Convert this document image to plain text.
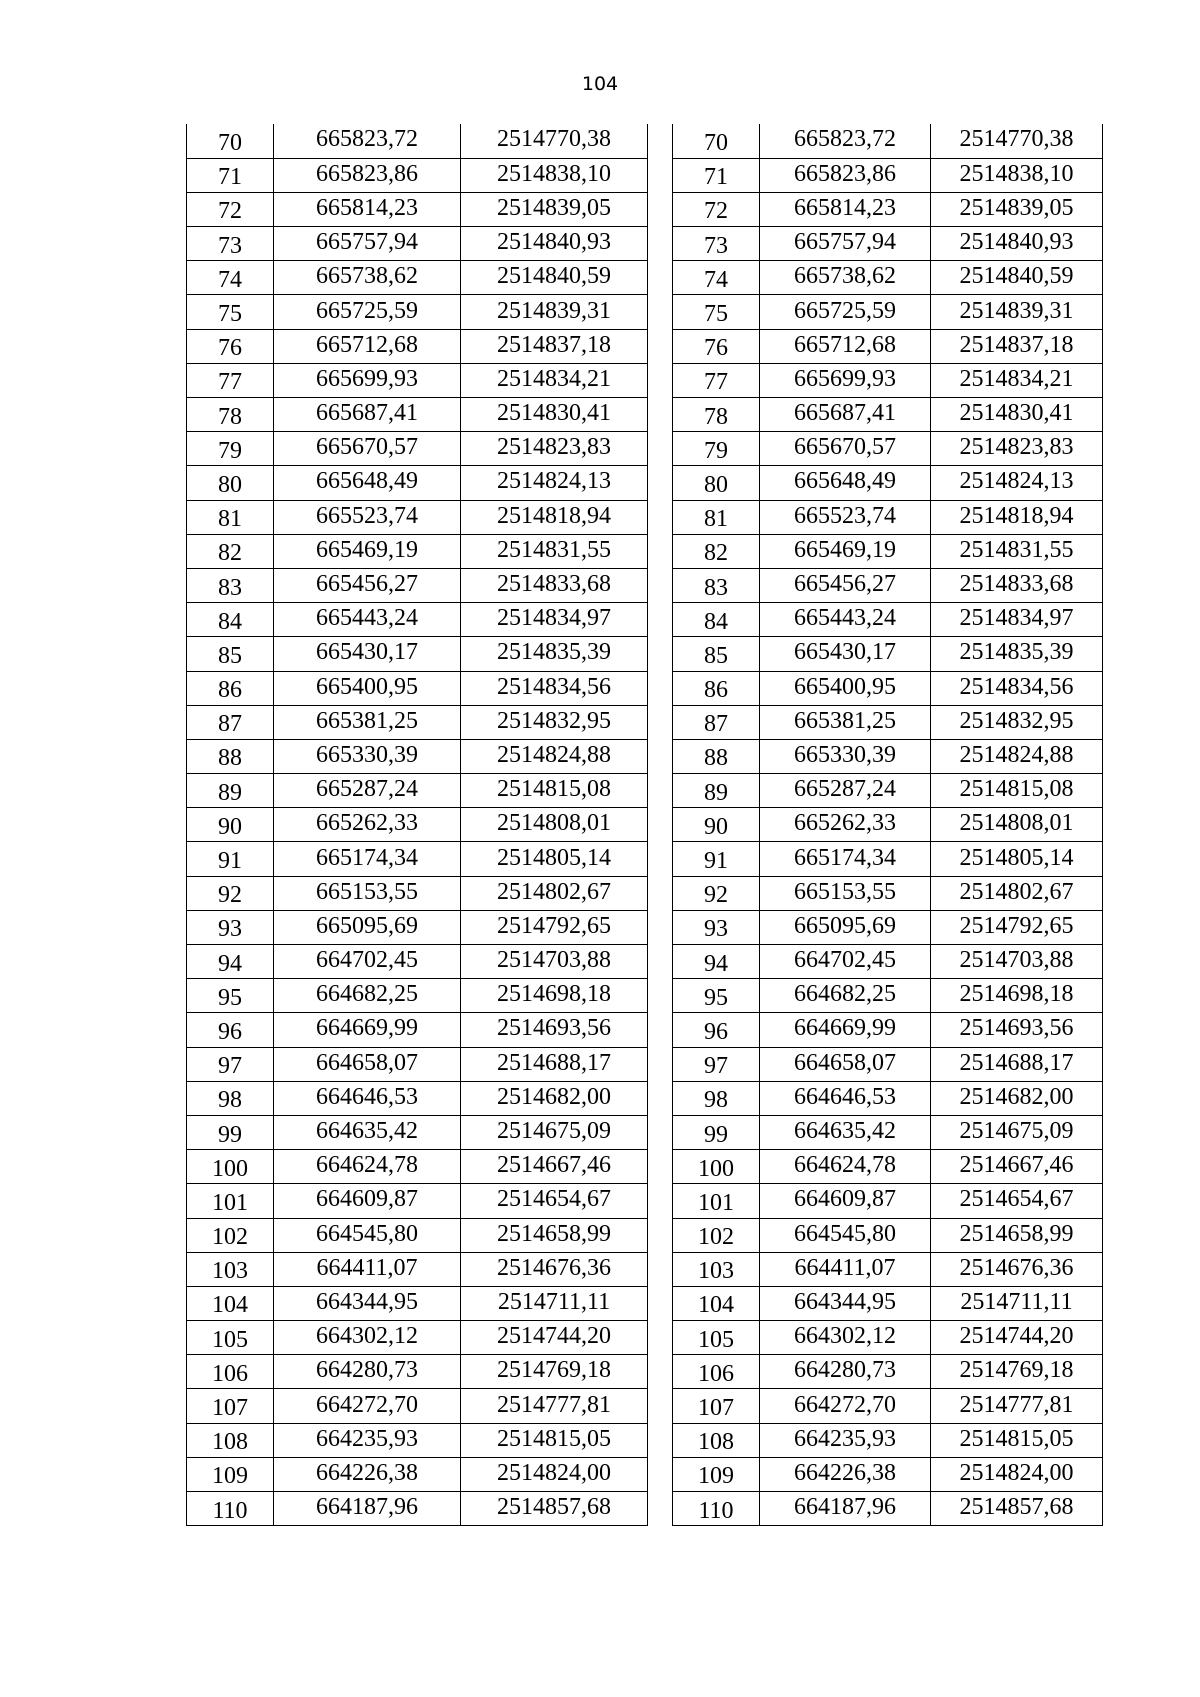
104
70	665823,72	2514770,38
71	665823,86	2514838,10
72	665814,23	2514839,05
73	665757,94	2514840,93
74	665738,62	2514840,59
75	665725,59	2514839,31
76	665712,68	2514837,18
77	665699,93	2514834,21
78	665687,41	2514830,41
79	665670,57	2514823,83
80	665648,49	2514824,13
81	665523,74	2514818,94
82	665469,19	2514831,55
83	665456,27	2514833,68
84	665443,24	2514834,97
85	665430,17	2514835,39
86	665400,95	2514834,56
87	665381,25	2514832,95
88	665330,39	2514824,88
89	665287,24	2514815,08
90	665262,33	2514808,01
91	665174,34	2514805,14
92	665153,55	2514802,67
93	665095,69	2514792,65
94	664702,45	2514703,88
95	664682,25	2514698,18
96	664669,99	2514693,56
97	664658,07	2514688,17
98	664646,53	2514682,00
99	664635,42	2514675,09
100	664624,78	2514667,46
101	664609,87	2514654,67
102	664545,80	2514658,99
103	664411,07	2514676,36
104	664344,95	2514711,11
105	664302,12	2514744,20
106	664280,73	2514769,18
107	664272,70	2514777,81
108	664235,93	2514815,05
109	664226,38	2514824,00
110	664187,96	2514857,68
70	665823,72	2514770,38
71	665823,86	2514838,10
72	665814,23	2514839,05
73	665757,94	2514840,93
74	665738,62	2514840,59
75	665725,59	2514839,31
76	665712,68	2514837,18
77	665699,93	2514834,21
78	665687,41	2514830,41
79	665670,57	2514823,83
80	665648,49	2514824,13
81	665523,74	2514818,94
82	665469,19	2514831,55
83	665456,27	2514833,68
84	665443,24	2514834,97
85	665430,17	2514835,39
86	665400,95	2514834,56
87	665381,25	2514832,95
88	665330,39	2514824,88
89	665287,24	2514815,08
90	665262,33	2514808,01
91	665174,34	2514805,14
92	665153,55	2514802,67
93	665095,69	2514792,65
94	664702,45	2514703,88
95	664682,25	2514698,18
96	664669,99	2514693,56
97	664658,07	2514688,17
98	664646,53	2514682,00
99	664635,42	2514675,09
100	664624,78	2514667,46
101	664609,87	2514654,67
102	664545,80	2514658,99
103	664411,07	2514676,36
104	664344,95	2514711,11
105	664302,12	2514744,20
106	664280,73	2514769,18
107	664272,70	2514777,81
108	664235,93	2514815,05
109	664226,38	2514824,00
110	664187,96	2514857,68
